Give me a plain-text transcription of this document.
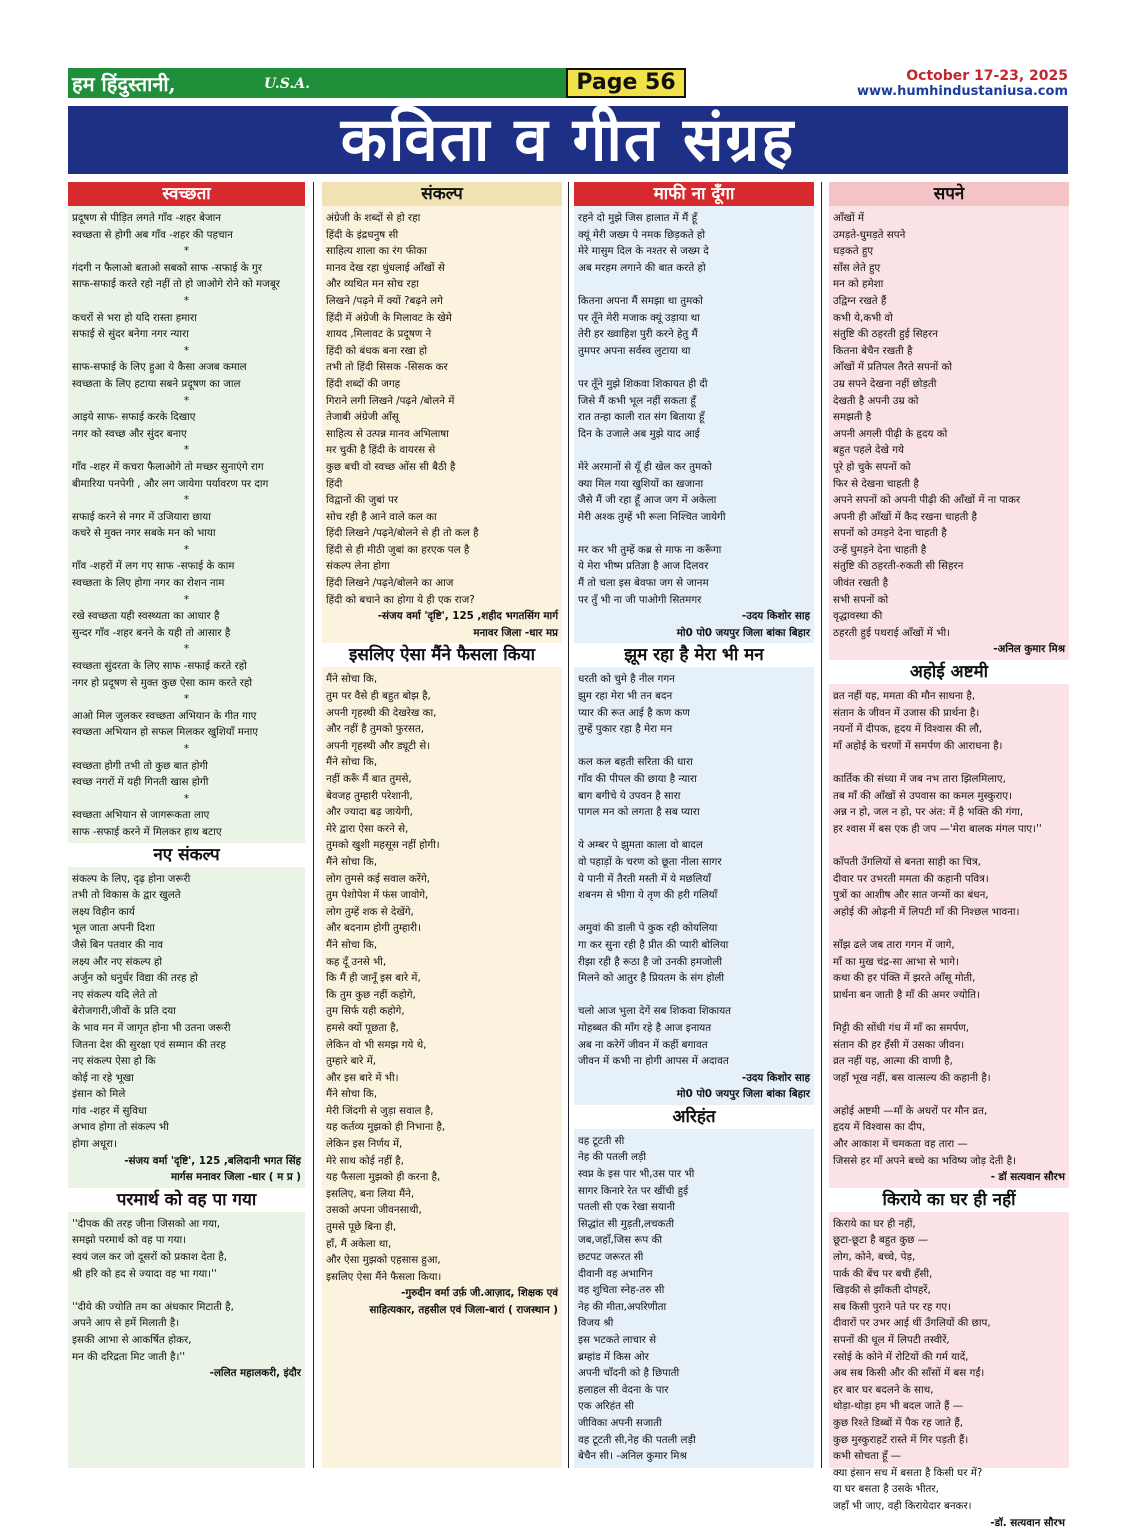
हम हिंदुस्तानी,	U.S.A.	Page 56	October 17-23, 2025
www.humhindustaniusa.com
कविता व गीत संग्रह
स्वच्छता
प्रदूषण से पीड़ित लगते गाँव -शहर बेजान
स्वच्छता से होगी अब गाँव -शहर की पहचान
*
गंदगी न फैलाओ बताओ सबको साफ -सफाई के गुर
साफ-सफाई करते रहो नहीं तो हो जाओगे रोने को मजबूर
*
कचरों से भरा हो यदि रास्ता हमारा
सफाई से सुंदर बनेगा नगर न्यारा
*
साफ-सफाई के लिए हुआ ये कैसा अजब कमाल
स्वच्छता के लिए हटाया सबने प्रदूषण का जाल
*
आइये साफ- सफाई करके दिखाए
नगर को स्वच्छ और सुंदर बनाए
*
गाँव -शहर में कचरा फैलाओगे तो मच्छर सुनाएंगे राग
बीमारिया पनपेगी , और लग जायेगा पर्यावरण पर दाग
*
सफाई करने से नगर में उजियारा छाया
कचरे से मुक्त नगर सबके मन को भाया
*
गाँव -शहरों में लग गए साफ -सफाई के काम
स्वच्छता के लिए होगा नगर का रोशन नाम
*
रखे स्वच्छता यही स्वस्थ्यता का आधार है
सुन्दर गाँव -शहर बनने के यही तो आसार है
*
स्वच्छता सुंदरता के लिए साफ -सफाई करते रहो
नगर हो प्रदूषण से मुक्त कुछ ऐसा काम करते रहो
*
आओ मिल जुलकर स्वच्छता अभियान के गीत गाए
स्वच्छता अभियान हो सफल मिलकर खुशियाँ मनाए
*
स्वच्छता होगी तभी तो कुछ बात होगी
स्वच्छ नगरों में यही गिनती खास होगी
*
स्वच्छता अभियान से जागरूकता लाए
साफ -सफाई करने में मिलकर हाथ बटाए
नए संकल्प
संकल्प के लिए, दृढ़ होना जरूरी
तभी तो विकास के द्वार खुलते
लक्ष्य विहीन कार्य
भूल जाता अपनी दिशा
जैसे बिन पतवार की नाव
लक्ष्य और नए संकल्प हो
अर्जुन को धनुर्धर विद्या की तरह हो
नए संकल्प यदि लेते तो
बेरोजगारी,जीवों के प्रति दया
के भाव मन में जागृत होना भी उतना जरूरी
जितना देश की सुरक्षा एवं सम्मान की तरह
नए संकल्प ऐसा हो कि
कोई ना रहे भूखा
इंसान को मिले
गांव -शहर में सुविधा
अभाव होगा तो संकल्प भी
होगा अधूरा।
-संजय वर्मा 'दृष्टि', 125 ,बलिदानी भगत सिंह
मार्गस मनावर जिला -धार ( म प्र )
परमार्थ को वह पा गया
''दीपक की तरह जीना जिसको आ गया,
समझो परमार्थ को वह पा गया।
स्वयं जल कर जो दूसरों को प्रकाश देता है,
श्री हरि को हद से ज्यादा वह भा गया।''
''दीये की ज्योति तम का अंधकार मिटाती है,
अपने आप से हमें मिलाती है।
इसकी आभा से आकर्षित होकर,
मन की दरिद्रता मिट जाती है।''
-ललित महालकरी, इंदौर
संकल्प
अंग्रेजी के शब्दों से हो रहा
हिंदी के इंद्रधनुष सी
साहित्य शाला का रंग फीका
मानव देख रहा धुंधलाई आँखों से
और व्यथित मन सोच रहा
लिखने /पढ़ने में क्यों ?बढ़ने लगे
हिंदी में अंग्रेजी के मिलावट के खेमे
शायद ,मिलावट के प्रदूषण ने
हिंदी को बंधक बना रखा हो
तभी तो हिंदी सिसक -सिसक कर
हिंदी शब्दों की जगह
गिराने लगी लिखने /पढ़ने /बोलने में
तेजाबी अंग्रेजी आँसू
साहित्य से उत्पन्न मानव अभिलाषा
मर चुकी है हिंदी के वायरस से
कुछ बची वो स्वच्छ ओंस सी बैठी है
हिंदी
विद्वानों की जुबां पर
सोच रही है आने वाले कल का
हिंदी लिखने /पढ़ने/बोलने से ही तो कल है
हिंदी से ही मीठी जुबां का हरएक पल है
संकल्प लेना होगा
हिंदी लिखने /पढ़ने/बोलने का आज
हिंदी को बचाने का होगा ये ही एक राज?
-संजय वर्मा 'दृष्टि', 125 ,शहीद भगतसिंग मार्ग
मनावर जिला -धार मप्र
इसलिए ऐसा मैंने फैसला किया
मैंने सोचा कि,
तुम पर वैसे ही बहुत बोझ है,
अपनी गृहस्थी की देखरेख का,
और नहीं है तुमको फुरसत,
अपनी गृहस्थी और ड्यूटी से।
मैंने सोचा कि,
नहीं करूँ मैं बात तुमसे,
बेवजह तुम्हारी परेशानी,
और ज्यादा बढ़ जायेगी,
मेरे द्वारा ऐसा करने से,
तुमको खुशी महसूस नहीं होगी।
मैंने सोचा कि,
लोग तुमसे कई सवाल करेंगे,
तुम पेशोपेश में फंस जावोगे,
लोग तुम्हें शक से देखेंगे,
और बदनाम होगी तुम्हारी।
मैंने सोचा कि,
कह दूँ उनसे भी,
कि मैं ही जानूँ इस बारे में,
कि तुम कुछ नहीं कहोगे,
तुम सिर्फ यही कहोगे,
हमसे क्यों पूछता है,
लेकिन वो भी समझ गये थे,
तुम्हारे बारे में,
और इस बारे में भी।
मैंने सोचा कि,
मेरी जिंदगी से जुड़ा सवाल है,
यह कर्तव्य मुझको ही निभाना है,
लेकिन इस निर्णय में,
मेरे साथ कोई नहीं है,
यह फैसला मुझको ही करना है,
इसलिए, बना लिया मैंने,
उसको अपना जीवनसाथी,
तुमसे पूछे बिना ही,
हाँ, मैं अकेला था,
और ऐसा मुझको एहसास हुआ,
इसलिए ऐसा मैंने फैसला किया।
-गुरुदीन वर्मा उर्फ़ जी.आज़ाद, शिक्षक एवं
साहित्यकार, तहसील एवं जिला-बारां ( राजस्थान )
माफी ना दूँगा
रहने दो मुझे जिस हालात में मैं हूँ
क्यूं मेरी जख्म पे नमक छिड़कते हो
मेरे मासुम दिल के नश्तर से जख्म दे
अब मरहम लगाने की बात करते हो
कितना अपना मैं समझा था तुमको
पर तूँने मेरी मजाक क्यूं उड़ाया था
तेरी हर ख्वाहिश पुरी करने हेतु मैं
तुमपर अपना सर्वस्व लुटाया था
पर तूँने मुझे शिकवा शिकायत ही दी
जिसे मैं कभी भूल नहीं सकता हूँ
रात तन्हा काली रात संग बिताया हूँ
दिन के उजाले अब मुझे याद आई
मेरे अरमानों से यूँ ही खेल कर तुमको
क्या मिल गया खुशियों का खजाना
जैसे मैं जी रहा हूँ आज जग में अकेला
मेरी अश्क तुम्हें भी रूला निश्चित जायेगी
मर कर भी तुम्हें कब्र से माफ ना करूँगा
ये मेरा भीष्म प्रतिज्ञा है आज दिलवर
मैं तो चला इस बेवफा जग से जानम
पर तुँ भी ना जी पाओगी सितमगर
-उदय किशोर साह
मो0 पो0 जयपुर जिला बांका बिहार
झूम रहा है मेरा भी मन
धरती को चुमे है नील गगन
झुम रहा मेरा भी तन बदन
प्यार की रूत आई है कण कण
तुम्हें पुकार रहा है मेरा मन
कल कल बहती सरिता की धारा
गाँव की पीपल की छाया है न्यारा
बाग बगीचे ये उपवन है सारा
पागल मन को लगता है सब प्यारा
ये अम्बर पे झुमता काला वो बादल
वो पहाड़ों के चरण को छूता नीला सागर
ये पानी में तैरती मस्ती में ये मछलियाँ
शबनम से भीगा ये तृण की हरी गलियाँ
अमुवां की डाली पे कुक रही कोयलिया
गा कर सुना रही है प्रीत की प्यारी बोलिया
रीझा रही है रूठा है जो उनकी हमजोली
मिलने को आतुर है प्रियतम के संग होली
चलो आज भुला देगें सब शिकवा शिकायत
मोहब्बत की माँग रहे है आज इनायत
अब ना करेगें जीवन में कहीं बगावत
जीवन में कभी ना होगी आपस में अदावत
-उदय किशोर साह
मो0 पो0 जयपुर जिला बांका बिहार
अरिहंत
वह टूटती सी
नेह की पतली लड़ी
स्वप्न के इस पार भी,उस पार भी
सागर किनारे रेत पर खींची हुई
पतली सी एक रेखा सयानी
सिद्धांत सी मुड़ती,लचकती
जब,जहाँ,जिस रूप की
छटपट जरूरत सी
दीवानी वह अभागिन
वह शुचिता स्नेह-तरु सी
नेह की मीता,अपरिणीता
विजय श्री
इस भटकते लाचार से
ब्रम्हांड में किस ओर
अपनी चाँदनी को है छिपाती
हलाहल सी वेदना के पार
एक अरिहंत सी
जीविका अपनी सजाती
वह टूटती सी,नेह की पतली लड़ी
बेचैन सी। -अनिल कुमार मिश्र
सपने
आँखों में
उमड़ते-घुमड़ते सपने
धड़कते हुए
साँस लेते हुए
मन को हमेशा
उद्विग्न रखते हैं
कभी ये,कभी वो
संतुष्टि की ठहरती हुई सिहरन
कितना बेचैन रखती है
आँखों में प्रतिपल तैरते सपनों को
उम्र सपने देखना नहीं छोड़ती
देखती है अपनी उम्र को
समझती है
अपनी अगली पीढ़ी के हृदय को
बहुत पहले देखे गये
पूरे हो चुके सपनों को
फिर से देखना चाहती है
अपने सपनों को अपनी पीढ़ी की आँखों में ना पाकर
अपनी ही आँखों में कैद रखना चाहती है
सपनों को उमड़ने देना चाहती है
उन्हें घुमड़ने देना चाहती है
संतुष्टि की ठहरती-रुकती सी सिहरन
जीवंत रखती है
सभी सपनों को
वृद्धावस्था की
ठहरती हुई पथराई आँखों में भी।
-अनिल कुमार मिश्र
अहोई अष्टमी
व्रत नहीं यह, ममता की मौन साधना है,
संतान के जीवन में उजास की प्रार्थना है।
नयनों में दीपक, हृदय में विश्वास की लौ,
माँ अहोई के चरणों में समर्पण की आराधना है।
कार्तिक की संध्या में जब नभ तारा झिलमिलाए,
तब माँ की आँखों से उपवास का कमल मुस्कुराए।
अन्न न हो, जल न हो, पर अंत: में है भक्ति की गंगा,
हर श्वास में बस एक ही जप —'मेरा बालक मंगल पाए।''
काँपती उँगलियों से बनता साही का चित्र,
दीवार पर उभरती ममता की कहानी पवित्र।
पुत्रों का आशीष और सात जन्मों का बंधन,
अहोई की ओढ़नी में लिपटी माँ की निश्छल भावना।
साँझ ढले जब तारा गगन में जागे,
माँ का मुख चंद्र-सा आभा से भागे।
कथा की हर पंक्ति में झरते आँसू मोती,
प्रार्थना बन जाती है माँ की अमर ज्योति।
मिट्टी की सोंधी गंध में माँ का समर्पण,
संतान की हर हँसी में उसका जीवन।
व्रत नहीं यह, आत्मा की वाणी है,
जहाँ भूख नहीं, बस वात्सल्य की कहानी है।
अहोई अष्टमी —माँ के अधरों पर मौन व्रत,
हृदय में विश्वास का दीप,
और आकाश में चमकता वह तारा —
जिससे हर माँ अपने बच्चे का भविष्य जोड़ देती है।
- डॉ सत्यवान सौरभ
किराये का घर ही नहीं
किराये का घर ही नहीं,
छूटा-छूटा है बहुत कुछ —
लोग, कोने, बच्चे, पेड़,
पार्क की बेंच पर बची हँसी,
खिड़की से झाँकती दोपहरें,
सब किसी पुराने पते पर रह गए।
दीवारों पर उभर आई थीं उँगलियों की छाप,
सपनों की धूल में लिपटी तस्वीरें,
रसोई के कोने में रोटियों की गर्म यादें,
अब सब किसी और की साँसों में बस गईं।
हर बार घर बदलने के साथ,
थोड़ा-थोड़ा हम भी बदल जाते हैं —
कुछ रिश्ते डिब्बों में पैक रह जाते हैं,
कुछ मुस्कुराहटें रास्ते में गिर पड़ती हैं।
कभी सोचता हूँ —
क्या इंसान सच में बसता है किसी घर में?
या घर बसता है उसके भीतर,
जहाँ भी जाए, वही किरायेदार बनकर।
-डॉ. सत्यवान सौरभ
